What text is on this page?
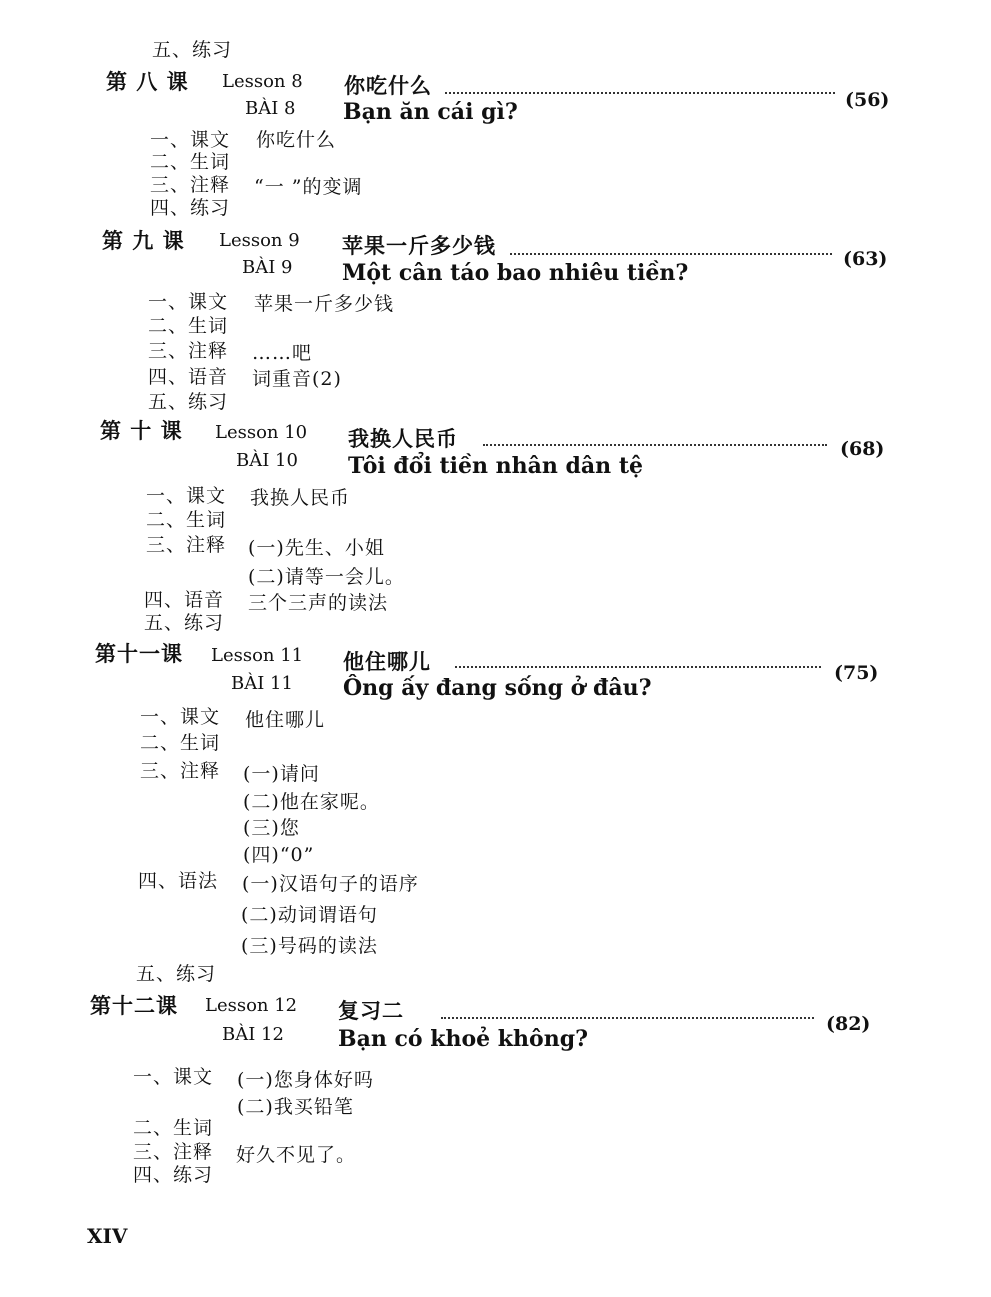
五、练习
第 八 课 Lesson 8 你吃什么
(56)
BÀI 8 Bạn ăn cái gì?
一、课文 你吃什么
二、生词
三、注释 “一 ”的变调
四、练习
第 九 课 Lesson 9 苹果一斤多少钱
(63)
BÀI 9 Một cân táo bao nhiêu tiền?
一、课文 苹果一斤多少钱
二、生词
三、注释 ……吧
四、语音 词重音(2)
五、练习
第 十 课 Lesson 10 我换人民币	(68)
BÀI 10 Tôi đổi tiền nhân dân tệ
一、课文 我换人民币
二、生词
三、注释 (一)先生、小姐
(二)请等一会儿。
四、语音 三个三声的读法
五、练习
第十一课 Lesson 11 他住哪儿	(75)
BÀI 11 Ông ấy đang sống ở đâu?
一、课文 他住哪儿
二、生词
三、注释 (一)请问
(二)他在家呢。
(三)您
(四)“0”
四、语法 (一)汉语句子的语序
(二)动词谓语句
(三)号码的读法
五、练习
第十二课 Lesson 12 复习二
(82)
BÀI 12 Bạn có khoẻ không?
一、课文 (一)您身体好吗
(二)我买铅笔
二、生词
三、注释 好久不见了。
四、练习
XIV
